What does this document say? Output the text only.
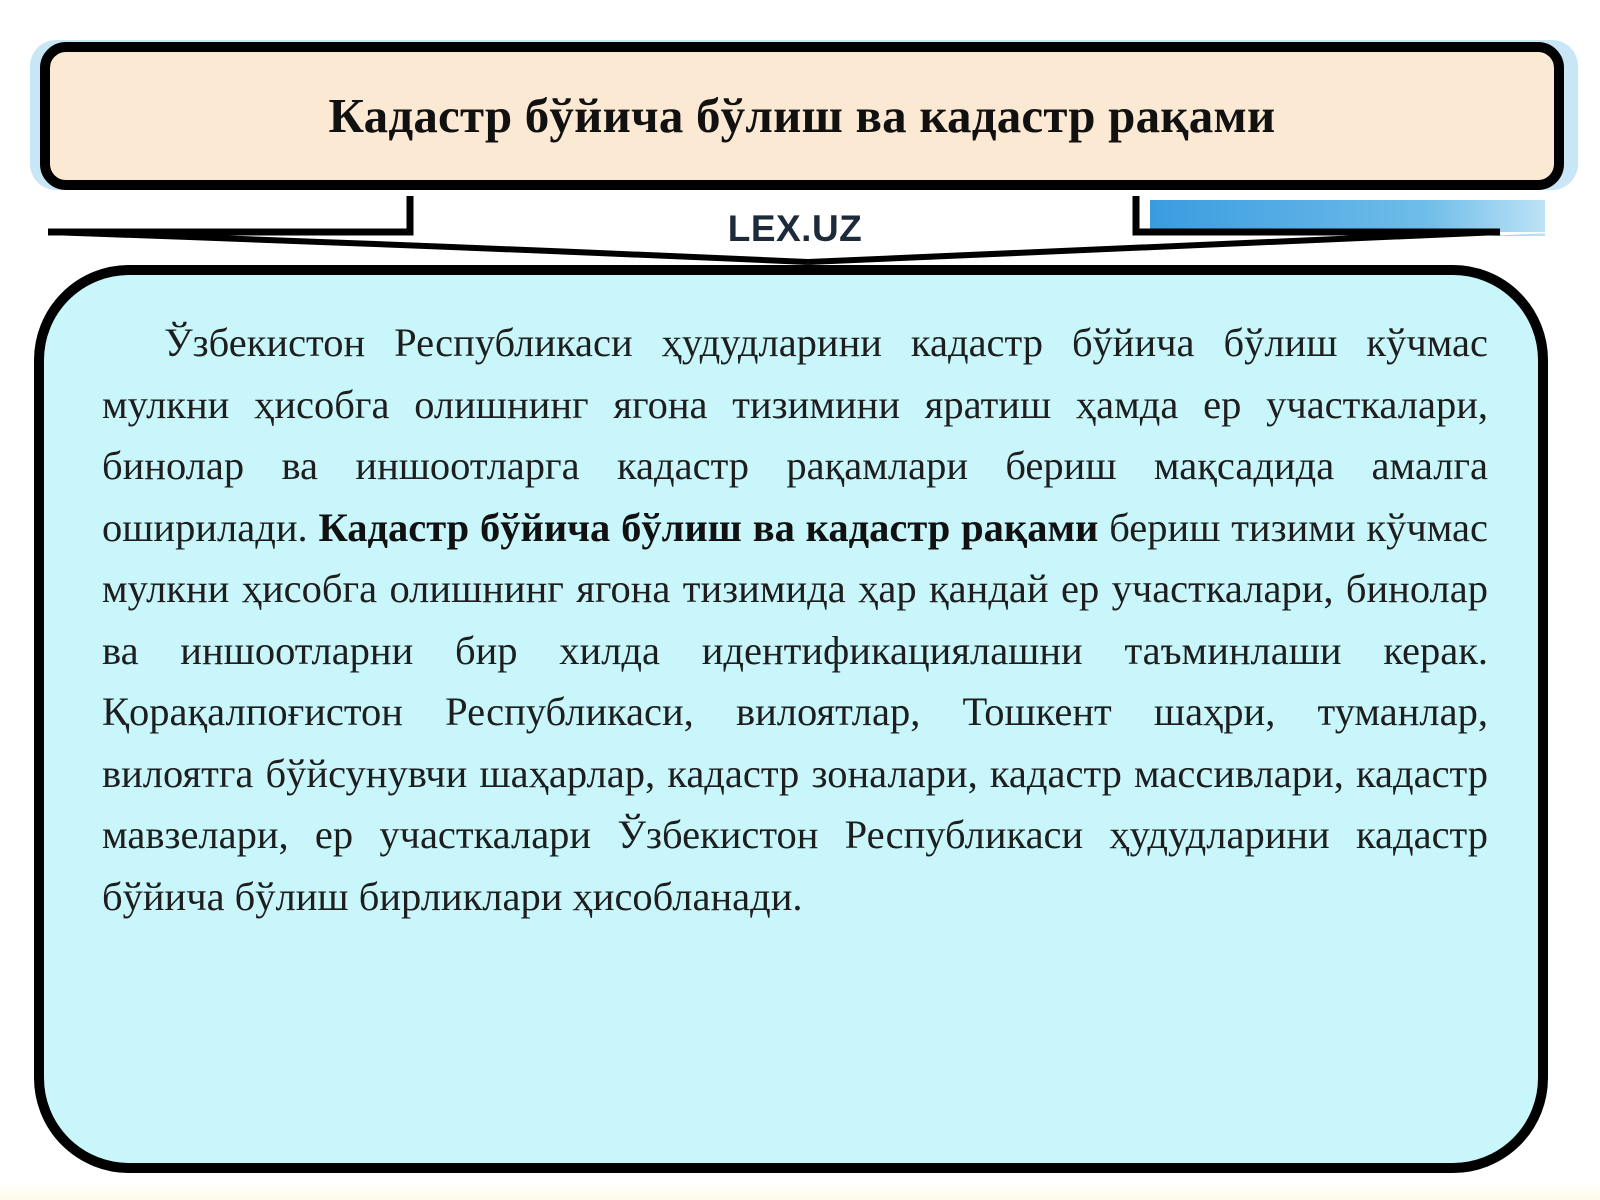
Кадастр бўйича бўлиш ва кадастр рақами
LEX.UZ

Ўзбекистон Республикаси ҳудудларини кадастр бўйича бўлиш кўчмас мулкни ҳисобга олишнинг ягона тизимини яратиш ҳамда ер участкалари, бинолар ва иншоотларга кадастр рақамлари бериш мақсадида амалга оширилади. Кадастр бўйича бўлиш ва кадастр рақами бериш тизими кўчмас мулкни ҳисобга олишнинг ягона тизимида ҳар қандай ер участкалари, бинолар ва иншоотларни бир хилда идентификациялашни таъминлаши керак. Қорақалпоғистон Республикаси, вилоятлар, Тошкент шаҳри, туманлар, вилоятга бўйсунувчи шаҳарлар, кадастр зоналари, кадастр массивлари, кадастр мавзелари, ер участкалари Ўзбекистон Республикаси ҳудудларини кадастр бўйича бўлиш бирликлари ҳисобланади.
